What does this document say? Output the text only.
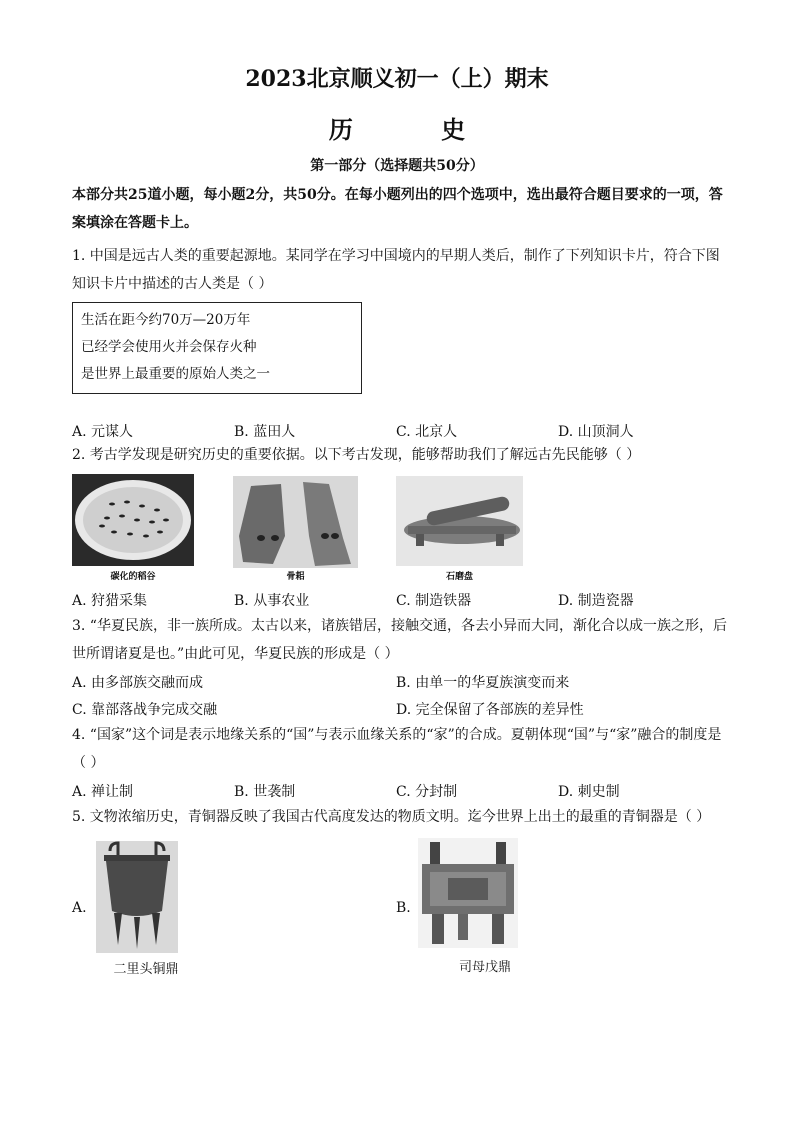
2023北京顺义初一（上）期末
历 史
第一部分（选择题共50分）
本部分共25道小题，每小题2分，共50分。在每小题列出的四个选项中，选出最符合题目要求的一项，答案填涂在答题卡上。
1. 中国是远古人类的重要起源地。某同学在学习中国境内的早期人类后，制作了下列知识卡片，符合下图知识卡片中描述的古人类是（ ）
生活在距今约70万—20万年
已经学会使用火并会保存火种
是世界上最重要的原始人类之一
A. 元谋人	B. 蓝田人	C. 北京人	D. 山顶洞人
2. 考古学发现是研究历史的重要依据。以下考古发现，能够帮助我们了解远古先民能够（ ）
碳化的稻谷	骨耜	石磨盘
A. 狩猎采集	B. 从事农业	C. 制造铁器	D. 制造瓷器
3. “华夏民族，非一族所成。太古以来，诸族错居，接触交通，各去小异而大同，渐化合以成一族之形，后世所谓诸夏是也。”由此可见，华夏民族的形成是（ ）
A. 由多部族交融而成	B. 由单一的华夏族演变而来
C. 靠部落战争完成交融	D. 完全保留了各部族的差异性
4. “国家”这个词是表示地缘关系的“国”与表示血缘关系的“家”的合成。夏朝体现“国”与“家”融合的制度是（ ）
A. 禅让制	B. 世袭制	C. 分封制	D. 刺史制
5. 文物浓缩历史，青铜器反映了我国古代高度发达的物质文明。迄今世界上出土的最重的青铜器是（ ）
A.
二里头铜鼎
B.
司母戊鼎
